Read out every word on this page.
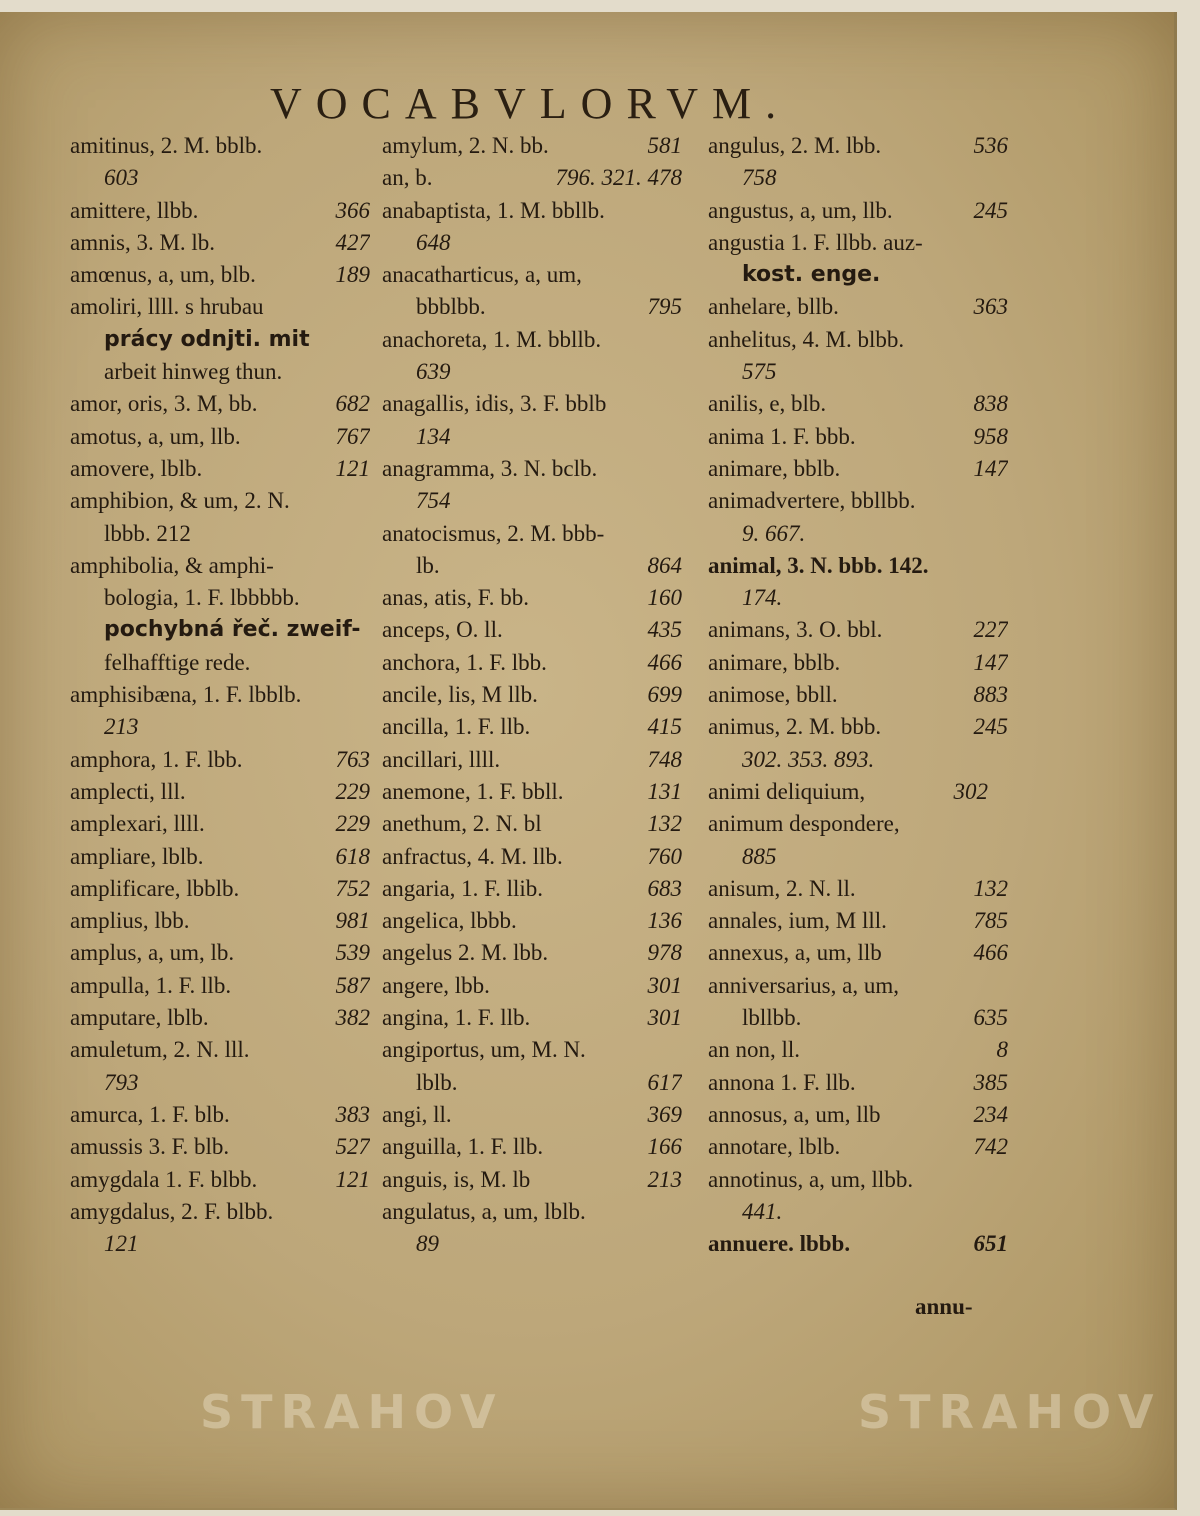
VOCABVLORVM.
amitinus, 2. M. bblb.
603
amittere, llbb.	366
amnis, 3. M. lb.	427
amœnus, a, um, blb.	189
amoliri, llll. s hrubau
prácy odnjti. mit
arbeit hinweg thun.
amor, oris, 3. M, bb.	682
amotus, a, um, llb.	767
amovere, lblb.	121
amphibion, & um, 2. N.
lbbb. 212
amphibolia, & amphi-
bologia, 1. F. lbbbbb.
pochybná řeč. zweif-
felhafftige rede.
amphisibæna, 1. F. lbblb.
213
amphora, 1. F. lbb.	763
amplecti, lll.	229
amplexari, llll.	229
ampliare, lblb.	618
amplificare, lbblb.	752
amplius, lbb.	981
amplus, a, um, lb.	539
ampulla, 1. F. llb.	587
amputare, lblb.	382
amuletum, 2. N. lll.
793
amurca, 1. F. blb.	383
amussis 3. F. blb.	527
amygdala 1. F. blbb.	121
amygdalus, 2. F. blbb.
121
amylum, 2. N. bb.	581
an, b.	796. 321. 478
anabaptista, 1. M. bbllb.
648
anacatharticus, a, um,
bbblbb.	795
anachoreta, 1. M. bbllb.
639
anagallis, idis, 3. F. bblb
134
anagramma, 3. N. bclb.
754
anatocismus, 2. M. bbb-
lb.	864
anas, atis, F. bb.	160
anceps, O. ll.	435
anchora, 1. F. lbb.	466
ancile, lis, M llb.	699
ancilla, 1. F. llb.	415
ancillari, llll.	748
anemone, 1. F. bbll.	131
anethum, 2. N. bl	132
anfractus, 4. M. llb.	760
angaria, 1. F. llib.	683
angelica, lbbb.	136
angelus 2. M. lbb.	978
angere, lbb.	301
angina, 1. F. llb.	301
angiportus, um, M. N.
lblb.	617
angi, ll.	369
anguilla, 1. F. llb.	166
anguis, is, M. lb	213
angulatus, a, um, lblb.
89
angulus, 2. M. lbb.	536
758
angustus, a, um, llb.	245
angustia 1. F. llbb. auz-
kost. enge.
anhelare, bllb.	363
anhelitus, 4. M. blbb.
575
anilis, e, blb.	838
anima 1. F. bbb.	958
animare, bblb.	147
animadvertere, bbllbb.
9. 667.
animal, 3. N. bbb. 142.
174.
animans, 3. O. bbl.	227
animare, bblb.	147
animose, bbll.	883
animus, 2. M. bbb.	245
302. 353. 893.
animi deliquium,	302
animum despondere,
885
anisum, 2. N. ll.	132
annales, ium, M lll.	785
annexus, a, um, llb	466
anniversarius, a, um,
lbllbb.	635
an non, ll.	8
annona 1. F. llb.	385
annosus, a, um, llb	234
annotare, lblb.	742
annotinus, a, um, llbb.
441.
annuere. lbbb.	651
annu-
STRAHOV	STRAHOV
